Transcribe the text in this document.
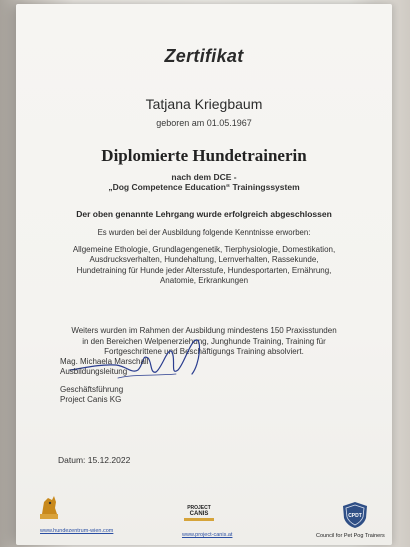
Zertifikat
Tatjana Kriegbaum
geboren am 01.05.1967
Diplomierte Hundetrainerin
nach dem DCE -
„Dog Competence Education“ Trainingssystem
Der oben genannte Lehrgang wurde erfolgreich abgeschlossen
Es wurden bei der Ausbildung folgende Kenntnisse erworben:
Allgemeine Ethologie, Grundlagengenetik, Tierphysiologie, Domestikation,
Ausdrucksverhalten, Hundehaltung, Lernverhalten, Rassekunde,
Hundetraining für Hunde jeder Altersstufe, Hundesportarten, Ernährung,
Anatomie, Erkrankungen
Weiters wurden im Rahmen der Ausbildung mindestens 150 Praxisstunden
in den Bereichen Welpenerziehung, Junghunde Training, Training für
Fortgeschrittene und Beschäftigungs Training absolviert.
Mag. Michaela Marschall
Ausbildungsleitung
Geschäftsführung
Project Canis KG
Datum: 15.12.2022
www.hundezentrum-wien.com
PROJECT
CANIS
www.project-canis.at
CPDT
Council for Pet Pog Trainers
